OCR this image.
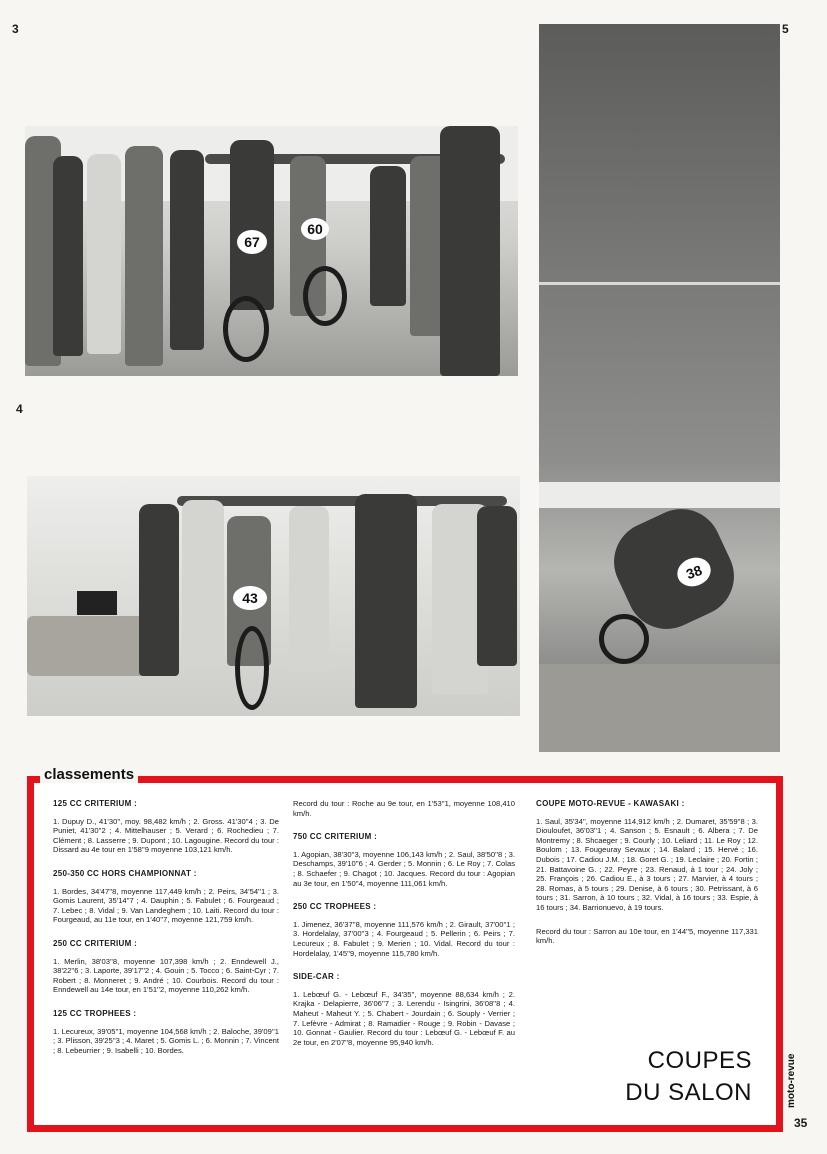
3	5
4
35
67
60
43
38
125 CC CRITERIUM :

1. Dupuy D., 41'30'', moy. 98,482 km/h ; 2. Gross. 41'30''4 ; 3. De Puniet, 41'30''2 ; 4. Mittelhauser ; 5. Verard ; 6. Rochedieu ; 7. Clément ; 8. Lasserre ; 9. Dupont ; 10. Lagougine. Record du tour : Dissard au 4e tour en 1'58''9 moyenne 103,121 km/h.

250-350 CC HORS CHAMPIONNAT :

1. Bordes, 34'47''8, moyenne 117,449 km/h ; 2. Peirs, 34'54''1 ; 3. Gomis Laurent, 35'14''7 ; 4. Dauphin ; 5. Fabulet ; 6. Fourgeaud ; 7. Lebec ; 8. Vidal ; 9. Van Landeghem ; 10. Laiti. Record du tour : Fourgeaud, au 11e tour, en 1'40''7, moyenne 121,759 km/h.

250 CC CRITERIUM :

1. Merlin, 38'03''8, moyenne 107,398 km/h ; 2. Enndewell J., 38'22''6 ; 3. Laporte, 39'17''2 ; 4. Gouin ; 5. Tocco ; 6. Saint-Cyr ; 7. Robert ; 8. Monneret ; 9. André ; 10. Courbois. Record du tour : Enndewell au 14e tour, en 1'51''2, moyenne 110,262 km/h.

125 CC TROPHEES :

1. Lecureux, 39'05''1, moyenne 104,568 km/h ; 2. Baloche, 39'09''1 ; 3. Plisson, 39'25''3 ; 4. Maret ; 5. Gomis L. ; 6. Monnin ; 7. Vincent ; 8. Lebeurrier ; 9. Isabelli ; 10. Bordes.

Record du tour : Roche au 9e tour, en 1'53''1, moyenne 108,410 km/h.

750 CC CRITERIUM :

1. Agopian, 38'30''3, moyenne 106,143 km/h ; 2. Saul, 38'50''8 ; 3. Deschamps, 39'10''6 ; 4. Gerder ; 5. Monnin ; 6. Le Roy ; 7. Colas ; 8. Schaefer ; 9. Chagot ; 10. Jacques. Record du tour : Agopian au 3e tour, en 1'50''4, moyenne 111,061 km/h.

250 CC TROPHEES :

1. Jimenez, 36'37''8, moyenne 111,576 km/h ; 2. Girault, 37'00''1 ; 3. Hordelalay, 37'00''3 ; 4. Fourgeaud ; 5. Pellerin ; 6. Peirs ; 7. Lecureux ; 8. Fabulet ; 9. Merien ; 10. Vidal. Record du tour : Hordelalay, 1'45''9, moyenne 115,780 km/h.

SIDE-CAR :

1. Lebœuf G. - Lebœuf F., 34'35'', moyenne 88,634 km/h ; 2. Krajka - Delapierre, 36'06''7 ; 3. Lerendu - Isingrini, 36'08''8 ; 4. Maheut - Maheut Y. ; 5. Chabert - Jourdain ; 6. Souply - Verrier ; 7. Lefèvre - Admirat ; 8. Ramadier - Rouge ; 9. Robin - Davase ; 10. Gonnat - Gaulier. Record du tour : Lebœuf G. - Lebœuf F. au 2e tour, en 2'07''8, moyenne 95,940 km/h.

COUPE MOTO-REVUE - KAWASAKI :

1. Saul, 35'34'', moyenne 114,912 km/h ; 2. Dumaret, 35'59''8 ; 3. Diouloufet, 36'03''1 ; 4. Sanson ; 5. Esnault ; 6. Albera ; 7. De Montremy ; 8. Shcaeger ; 9. Courly ; 10. Leliard ; 11. Le Roy ; 12. Boulom ; 13. Fougeuray Sevaux ; 14. Balard ; 15. Hervé ; 16. Dubois ; 17. Cadiou J.M. ; 18. Goret G. ; 19. Leclaire ; 20. Fortin ; 21. Battavoine G. ; 22. Peyre ; 23. Renaud, à 1 tour ; 24. Joly ; 25. François ; 26. Cadiou E., à 3 tours ; 27. Marvier, à 4 tours ; 28. Romas, à 5 tours ; 29. Denise, à 6 tours ; 30. Petrissant, à 6 tours ; 31. Sarron, à 10 tours ; 32. Vidal, à 16 tours ; 33. Espie, à 16 tours ; 34. Barrionuevo, à 19 tours.

Record du tour : Sarron au 10e tour, en 1'44''5, moyenne 117,331 km/h.

COUPES
DU SALON
classements
moto-revue
